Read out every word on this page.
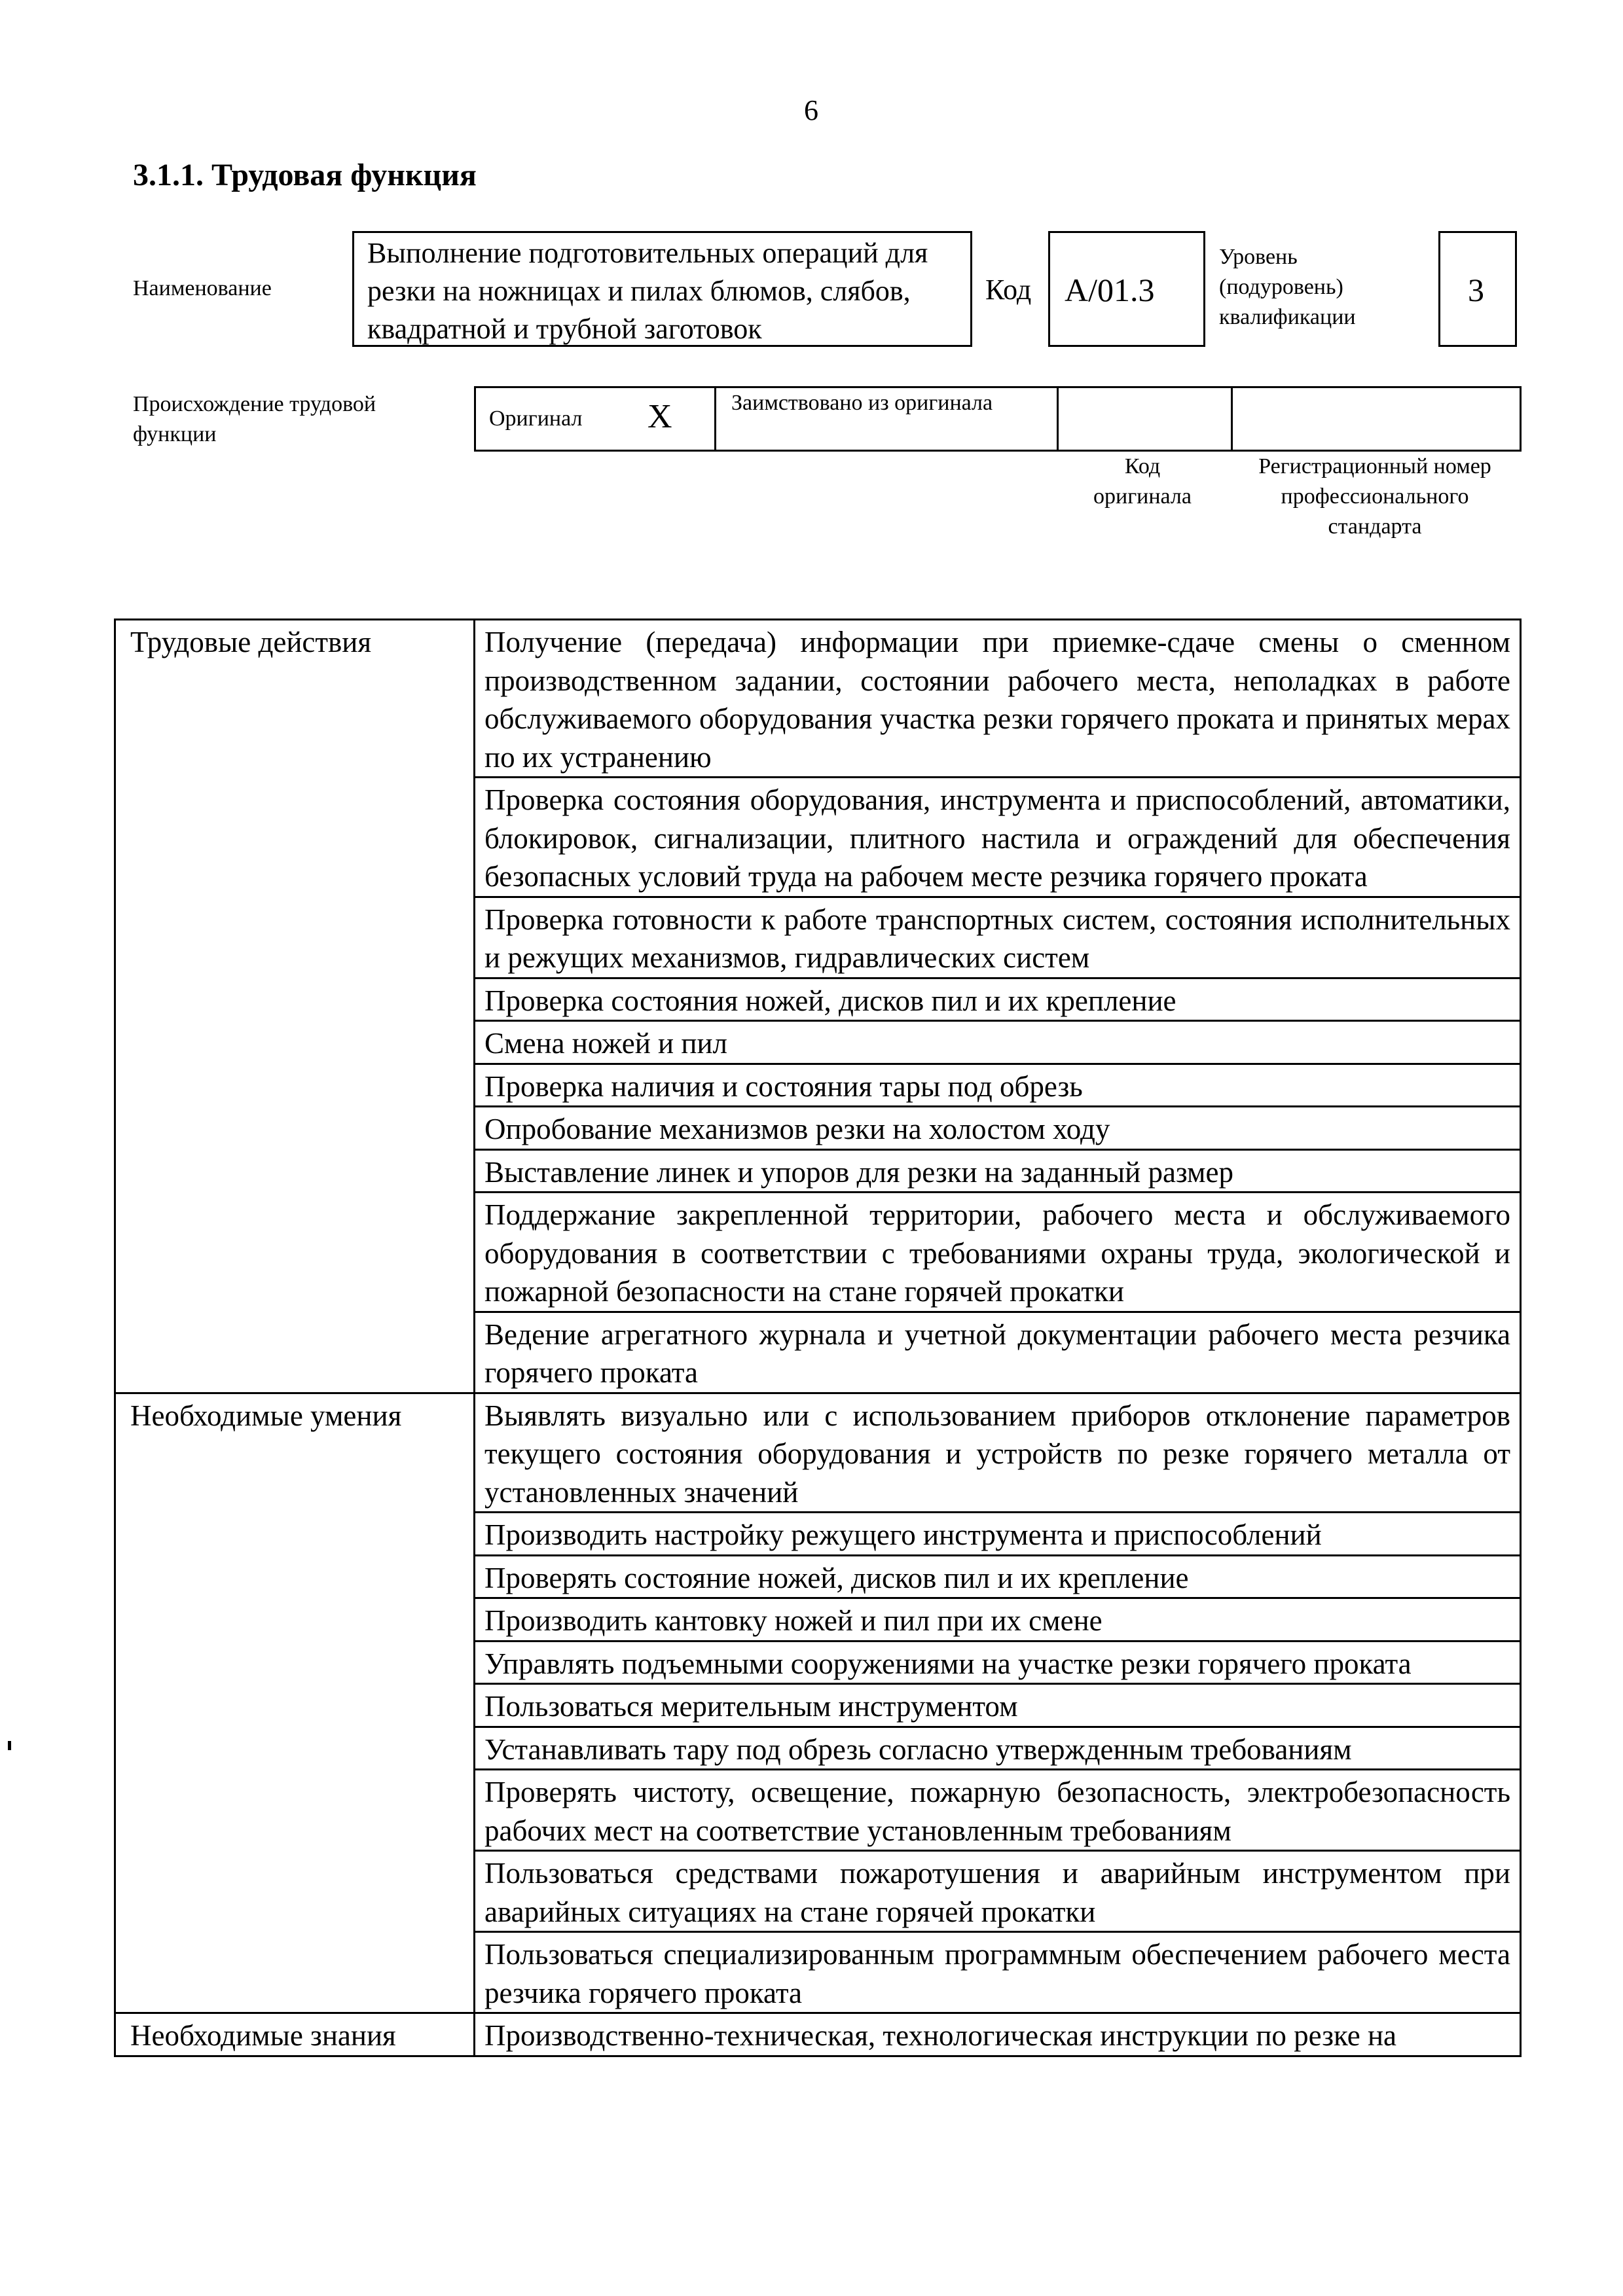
6
3.1.1. Трудовая функция
Наименование
Выполнение подготовительных операций для резки на ножницах и пилах блюмов, слябов, квадратной и трубной заготовок
Код А/01.3
Уровень (подуровень) квалификации
3
Происхождение трудовой функции
Оригинал X	Заимствовано из оригинала
Код оригинала
Регистрационный номер профессионального стандарта
Трудовые действия	Получение (передача) информации при приемке-сдаче смены о сменном производственном задании, состоянии рабочего места, неполадках в работе обслуживаемого оборудования участка резки горячего проката и принятых мерах по их устранению
	Проверка состояния оборудования, инструмента и приспособлений, автоматики, блокировок, сигнализации, плитного настила и ограждений для обеспечения безопасных условий труда на рабочем месте резчика горячего проката
	Проверка готовности к работе транспортных систем, состояния исполнительных и режущих механизмов, гидравлических систем
	Проверка состояния ножей, дисков пил и их крепление
	Смена ножей и пил
	Проверка наличия и состояния тары под обрезь
	Опробование механизмов резки на холостом ходу
	Выставление линек и упоров для резки на заданный размер
	Поддержание закрепленной территории, рабочего места и обслуживаемого оборудования в соответствии с требованиями охраны труда, экологической и пожарной безопасности на стане горячей прокатки
	Ведение агрегатного журнала и учетной документации рабочего места резчика горячего проката
Необходимые умения	Выявлять визуально или с использованием приборов отклонение параметров текущего состояния оборудования и устройств по резке горячего металла от установленных значений
	Производить настройку режущего инструмента и приспособлений
	Проверять состояние ножей, дисков пил и их крепление
	Производить кантовку ножей и пил при их смене
	Управлять подъемными сооружениями на участке резки горячего проката
	Пользоваться мерительным инструментом
	Устанавливать тару под обрезь согласно утвержденным требованиям
	Проверять чистоту, освещение, пожарную безопасность, электробезопасность рабочих мест на соответствие установленным требованиям
	Пользоваться средствами пожаротушения и аварийным инструментом при аварийных ситуациях на стане горячей прокатки
	Пользоваться специализированным программным обеспечением рабочего места резчика горячего проката
Необходимые знания	Производственно-техническая, технологическая инструкции по резке на
